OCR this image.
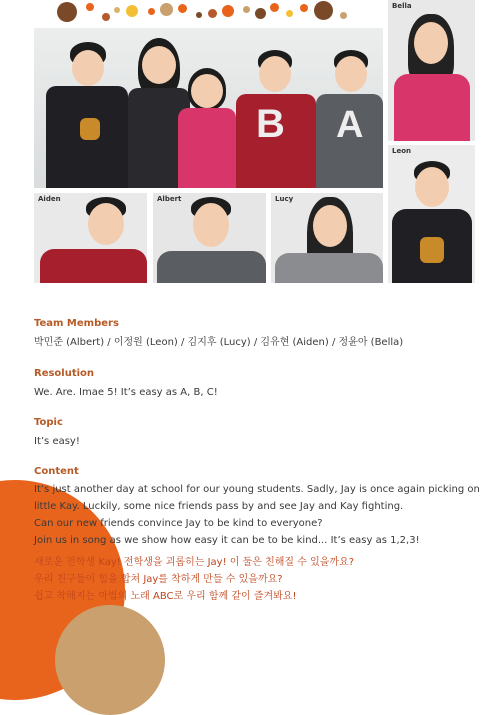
B A
Bella
Leon
Aiden	Albert	Lucy
Team Members
박민준 (Albert) / 이정원 (Leon) / 김지후 (Lucy) / 김유현 (Aiden) / 정윤아 (Bella)
Resolution
We. Are. Imae 5! It’s easy as A, B, C!
Topic
It’s easy!
Content
It’s just another day at school for our young students. Sadly, Jay is once again picking on
little Kay. Luckily, some nice friends pass by and see Jay and Kay fighting.
Can our new friends convince Jay to be kind to everyone?
Join us in song as we show how easy it can be to be kind... It’s easy as 1,2,3!
새로운 전학생 Kay! 전학생을 괴롭히는 Jay! 이 둘은 친해질 수 있을까요?
우리 친구들이 힘을 합쳐 Jay를 착하게 만들 수 있을까요?
쉽고 착해지는 마법의 노래 ABC로 우리 함께 같이 즐겨봐요!
